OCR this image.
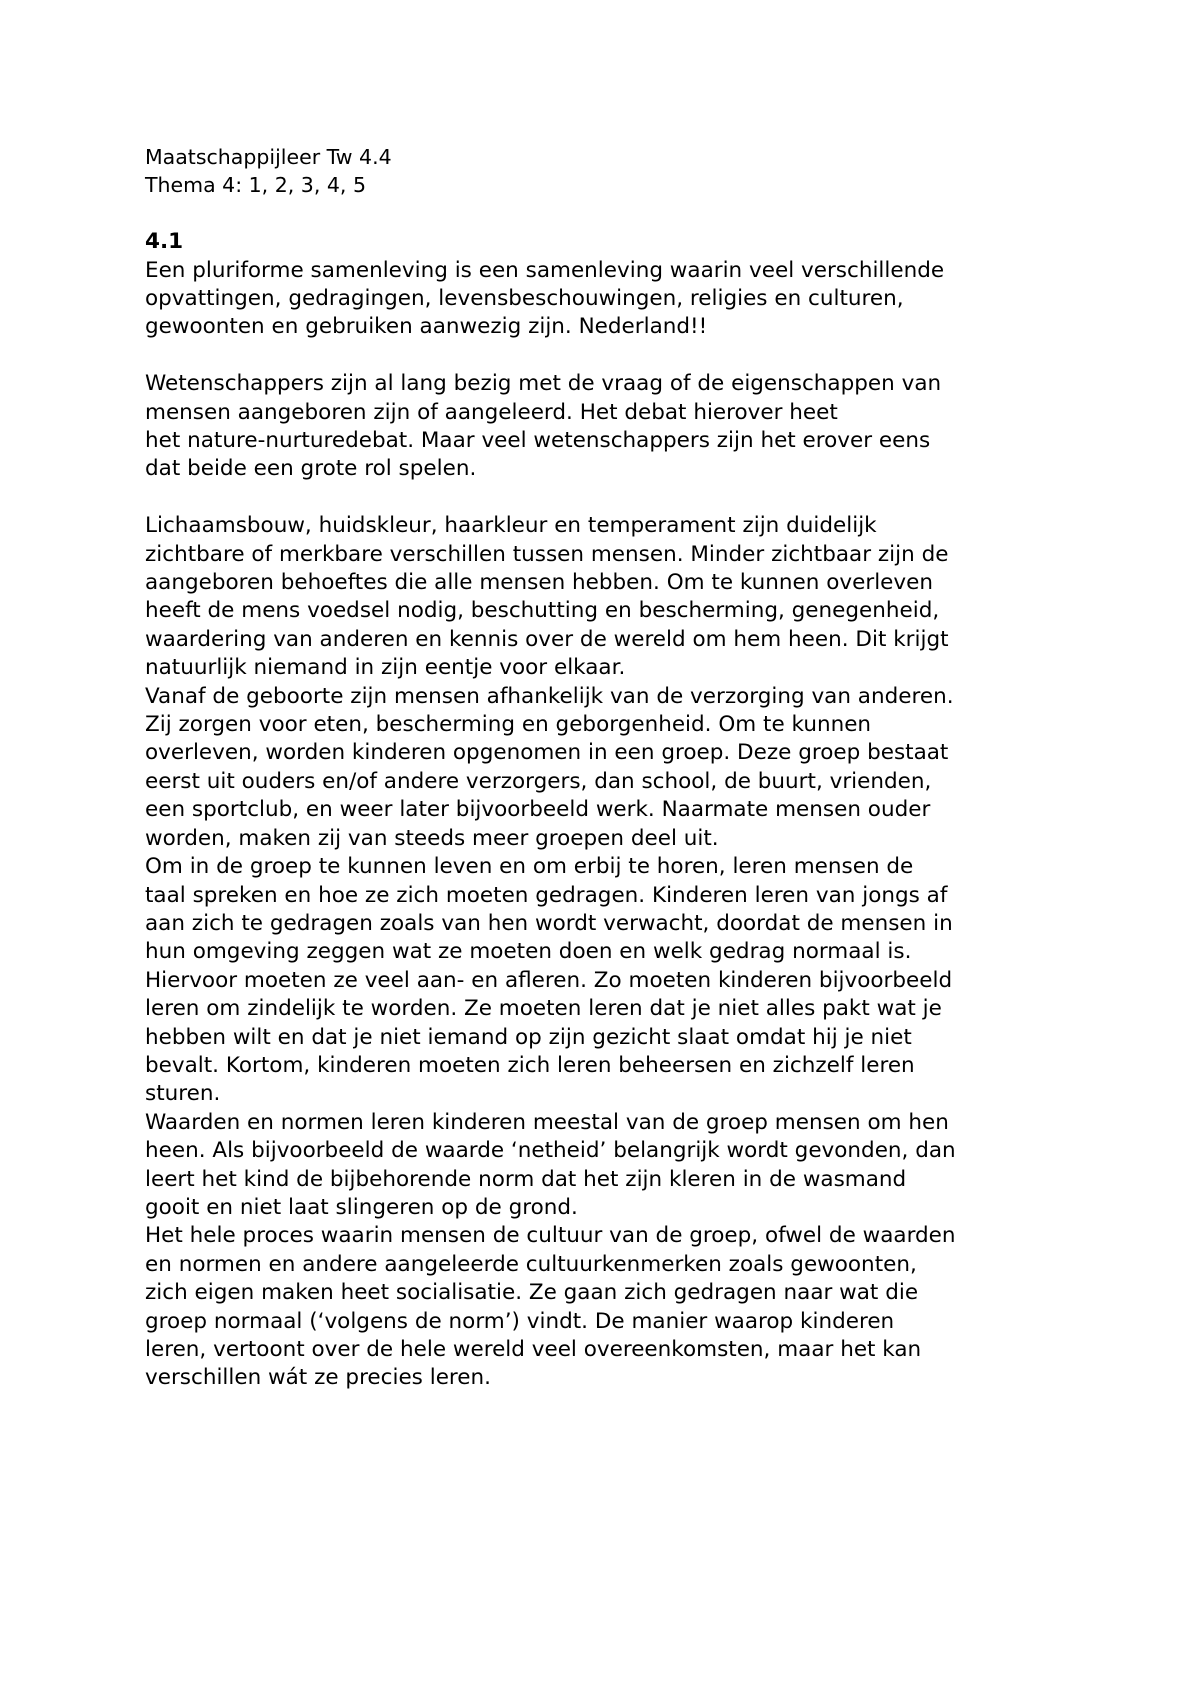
Maatschappijleer Tw 4.4
Thema 4: 1, 2, 3, 4, 5
4.1
Een pluriforme samenleving is een samenleving waarin veel verschillende
opvattingen, gedragingen, levensbeschouwingen, religies en culturen,
gewoonten en gebruiken aanwezig zijn. Nederland!!
Wetenschappers zijn al lang bezig met de vraag of de eigenschappen van
mensen aangeboren zijn of aangeleerd. Het debat hierover heet
het nature-nurturedebat. Maar veel wetenschappers zijn het erover eens
dat beide een grote rol spelen.
Lichaamsbouw, huidskleur, haarkleur en temperament zijn duidelijk
zichtbare of merkbare verschillen tussen mensen. Minder zichtbaar zijn de
aangeboren behoeftes die alle mensen hebben. Om te kunnen overleven
heeft de mens voedsel nodig, beschutting en bescherming, genegenheid,
waardering van anderen en kennis over de wereld om hem heen. Dit krijgt
natuurlijk niemand in zijn eentje voor elkaar.
Vanaf de geboorte zijn mensen afhankelijk van de verzorging van anderen.
Zij zorgen voor eten, bescherming en geborgenheid. Om te kunnen
overleven, worden kinderen opgenomen in een groep. Deze groep bestaat
eerst uit ouders en/of andere verzorgers, dan school, de buurt, vrienden,
een sportclub, en weer later bijvoorbeeld werk. Naarmate mensen ouder
worden, maken zij van steeds meer groepen deel uit.
Om in de groep te kunnen leven en om erbij te horen, leren mensen de
taal spreken en hoe ze zich moeten gedragen. Kinderen leren van jongs af
aan zich te gedragen zoals van hen wordt verwacht, doordat de mensen in
hun omgeving zeggen wat ze moeten doen en welk gedrag normaal is.
Hiervoor moeten ze veel aan- en afleren. Zo moeten kinderen bijvoorbeeld
leren om zindelijk te worden. Ze moeten leren dat je niet alles pakt wat je
hebben wilt en dat je niet iemand op zijn gezicht slaat omdat hij je niet
bevalt. Kortom, kinderen moeten zich leren beheersen en zichzelf leren
sturen.
Waarden en normen leren kinderen meestal van de groep mensen om hen
heen. Als bijvoorbeeld de waarde ‘netheid’ belangrijk wordt gevonden, dan
leert het kind de bijbehorende norm dat het zijn kleren in de wasmand
gooit en niet laat slingeren op de grond.
Het hele proces waarin mensen de cultuur van de groep, ofwel de waarden
en normen en andere aangeleerde cultuurkenmerken zoals gewoonten,
zich eigen maken heet socialisatie. Ze gaan zich gedragen naar wat die
groep normaal (‘volgens de norm’) vindt. De manier waarop kinderen
leren, vertoont over de hele wereld veel overeenkomsten, maar het kan
verschillen wát ze precies leren.
